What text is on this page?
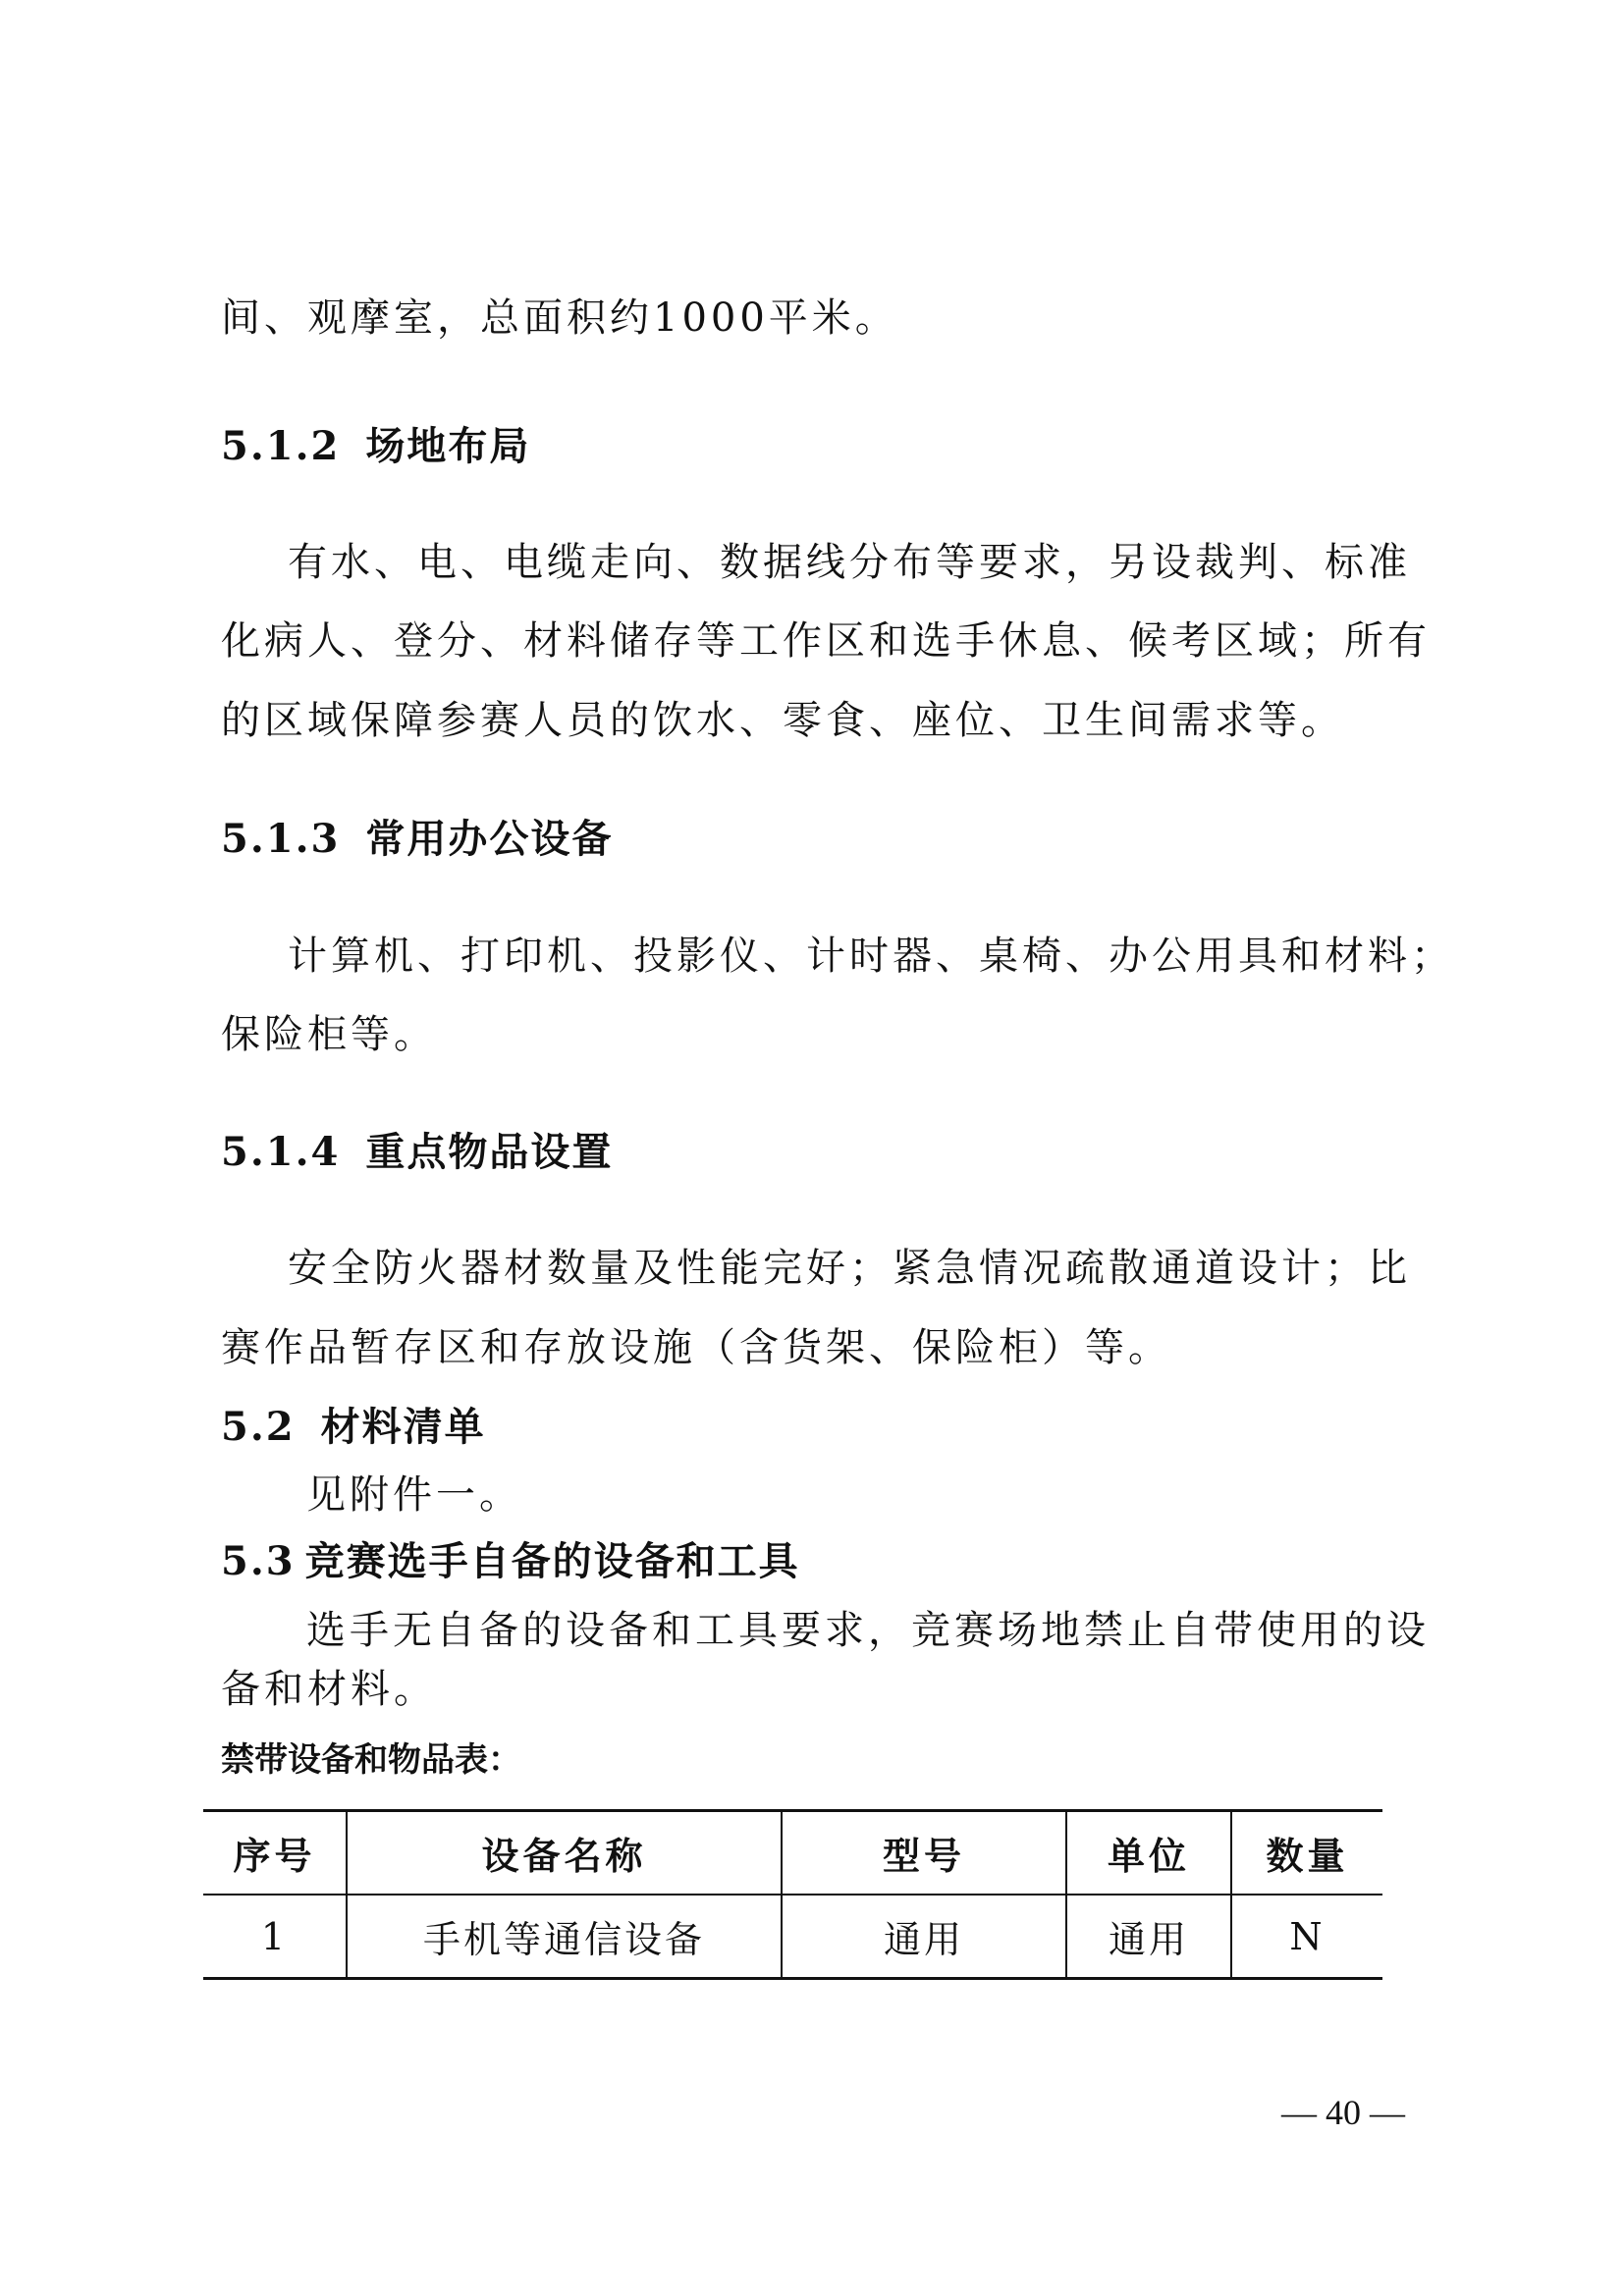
间、观摩室，总面积约1000平米。

5.1.2 场地布局

有水、电、电缆走向、数据线分布等要求，另设裁判、标准

化病人、登分、材料储存等工作区和选手休息、候考区域；所有

的区域保障参赛人员的饮水、零食、座位、卫生间需求等。

5.1.3 常用办公设备

计算机、打印机、投影仪、计时器、桌椅、办公用具和材料；

保险柜等。

5.1.4 重点物品设置

安全防火器材数量及性能完好；紧急情况疏散通道设计；比

赛作品暂存区和存放设施（含货架、保险柜）等。

5.2 材料清单

见附件一。

5.3 竞赛选手自备的设备和工具

选手无自备的设备和工具要求，竞赛场地禁止自带使用的设

备和材料。

禁带设备和物品表：

序号	设备名称	型号	单位	数量
1	手机等通信设备	通用	通用	N

— 40 —
